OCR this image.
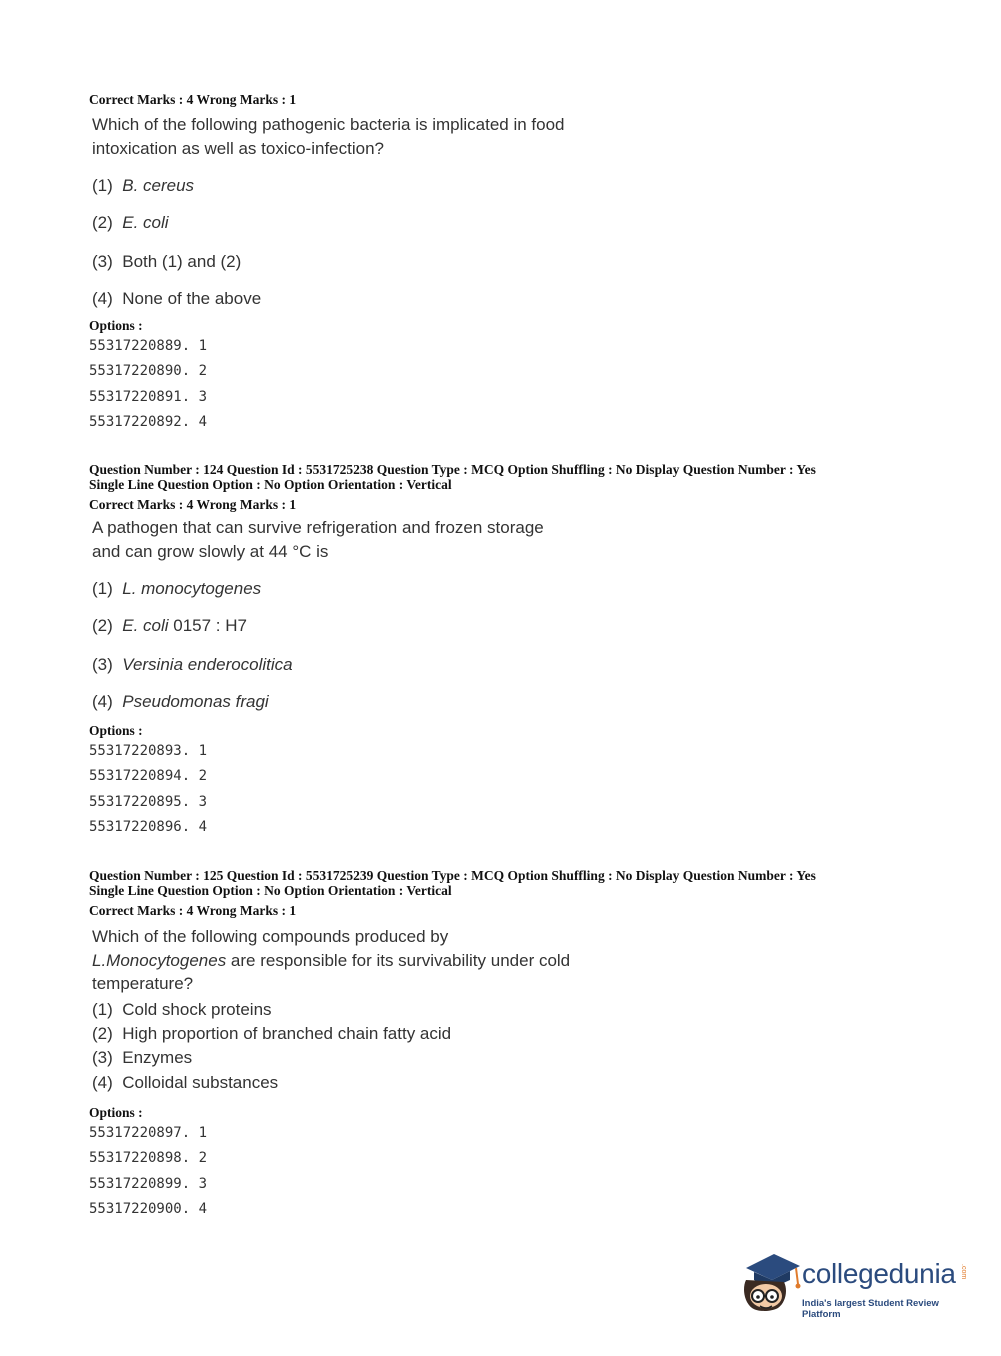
Correct Marks : 4 Wrong Marks : 1
Which of the following pathogenic bacteria is implicated in food
intoxication as well as toxico-infection?
(1) B. cereus
(2) E. coli
(3) Both (1) and (2)
(4) None of the above
Options :
55317220889. 1
55317220890. 2
55317220891. 3
55317220892. 4
Question Number : 124 Question Id : 5531725238 Question Type : MCQ Option Shuffling : No Display Question Number : Yes
Single Line Question Option : No Option Orientation : Vertical
Correct Marks : 4 Wrong Marks : 1
A pathogen that can survive refrigeration and frozen storage
and can grow slowly at 44 °C is
(1) L. monocytogenes
(2) E. coli 0157 : H7
(3) Versinia enderocolitica
(4) Pseudomonas fragi
Options :
55317220893. 1
55317220894. 2
55317220895. 3
55317220896. 4
Question Number : 125 Question Id : 5531725239 Question Type : MCQ Option Shuffling : No Display Question Number : Yes
Single Line Question Option : No Option Orientation : Vertical
Correct Marks : 4 Wrong Marks : 1
Which of the following compounds produced by
L.Monocytogenes are responsible for its survivability under cold
temperature?
(1) Cold shock proteins
(2) High proportion of branched chain fatty acid
(3) Enzymes
(4) Colloidal substances
Options :
55317220897. 1
55317220898. 2
55317220899. 3
55317220900. 4
collegedunia .com
India's largest Student Review Platform
